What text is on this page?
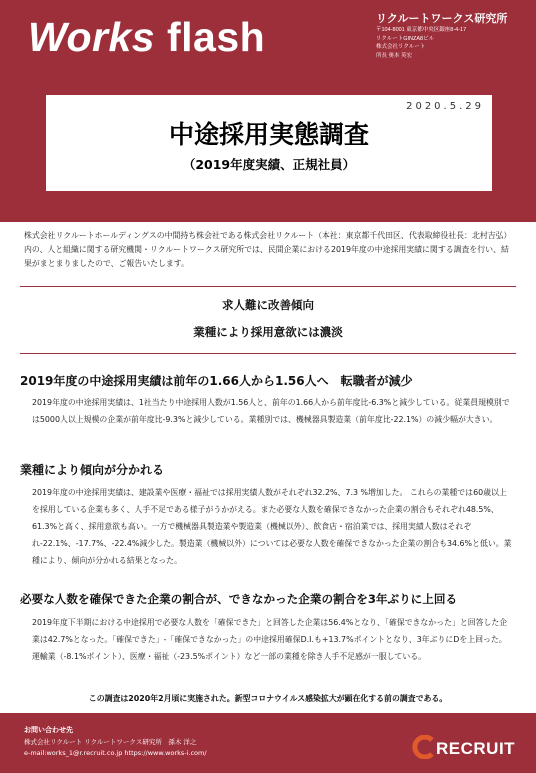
Works flash	リクルートワークス研究所
〒104-8001 東京都中央区銀座8-4-17
リクルートGINZA8ビル
株式会社リクルート
所長 奥本 英宏
2020.5.29
中途採用実態調査
（2019年度実績、正規社員）
株式会社リクルートホールディングスの中間持ち株会社である株式会社リクルート（本社：東京都千代田区、代表取締役社長：北村吉弘）内の、人と組織に関する研究機関・リクルートワークス研究所では、民間企業における2019年度の中途採用実績に関する調査を行い、結果がまとまりましたので、ご報告いたします。
求人難に改善傾向
業種により採用意欲には濃淡
2019年度の中途採用実績は前年の1.66人から1.56人へ　転職者が減少

2019年度の中途採用実績は、1社当たり中途採用人数が1.56人と、前年の1.66人から前年度比-6.3%と減少している。従業員規模別では5000人以上規模の企業が前年度比-9.3%と減少している。業種別では、機械器具製造業（前年度比-22.1%）の減少幅が大きい。

業種により傾向が分かれる

2019年度の中途採用実績は、建設業や医療・福祉では採用実績人数がそれぞれ32.2%、7.3 %増加した。 これらの業種では60歳以上を採用している企業も多く、人手不足である様子がうかがえる。また必要な人数を確保できなかった企業の割合もそれぞれ48.5%、61.3%と高く、採用意欲も高い。一方で機械器具製造業や製造業（機械以外）、飲食店・宿泊業では、採用実績人数はそれぞれ-22.1%、-17.7%、-22.4%減少した。製造業（機械以外）については必要な人数を確保できなかった企業の割合も34.6%と低い。業種により、傾向が分かれる結果となった。

必要な人数を確保できた企業の割合が、できなかった企業の割合を3年ぶりに上回る

2019年度下半期における中途採用で必要な人数を「確保できた」と回答した企業は56.4%となり、「確保できなかった」と回答した企業は42.7%となった。「確保できた」-「確保できなかった」の中途採用確保D.I.も+13.7%ポイントとなり、3年ぶりにDを上回った。運輸業（-8.1%ポイント）、医療・福祉（-23.5%ポイント）など一部の業種を除き人手不足感が一服している。

この調査は2020年2月頃に実施された。新型コロナウイルス感染拡大が顕在化する前の調査である。
お問い合わせ先
株式会社リクルート リクルートワークス研究所　孫木 洋之
e-mail:works_1@r.recruit.co.jp https://www.works-i.com/	RECRUIT
